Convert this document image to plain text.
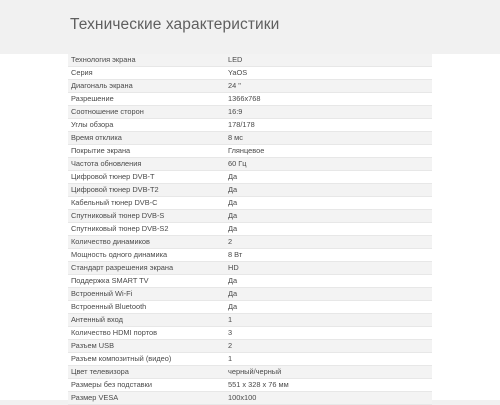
Технические характеристики
Технология экрана	LED
Серия	YaOS
Диагональ экрана	24 "
Разрешение	1366x768
Соотношение сторон	16:9
Углы обзора	178/178
Время отклика	8 мс
Покрытие экрана	Глянцевое
Частота обновления	60 Гц
Цифровой тюнер DVB-T	Да
Цифровой тюнер DVB-T2	Да
Кабельный тюнер DVB-C	Да
Спутниковый тюнер DVB-S	Да
Спутниковый тюнер DVB-S2	Да
Количество динамиков	2
Мощность одного динамика	8 Вт
Стандарт разрешения экрана	HD
Поддержка SMART TV	Да
Встроенный Wi-Fi	Да
Встроенный Bluetooth	Да
Антенный вход	1
Количество HDMI портов	3
Разъем USB	2
Разъем композитный (видео)	1
Цвет телевизора	черный/черный
Размеры без подставки	551 x 328 x 76 мм
Размер VESA	100x100
